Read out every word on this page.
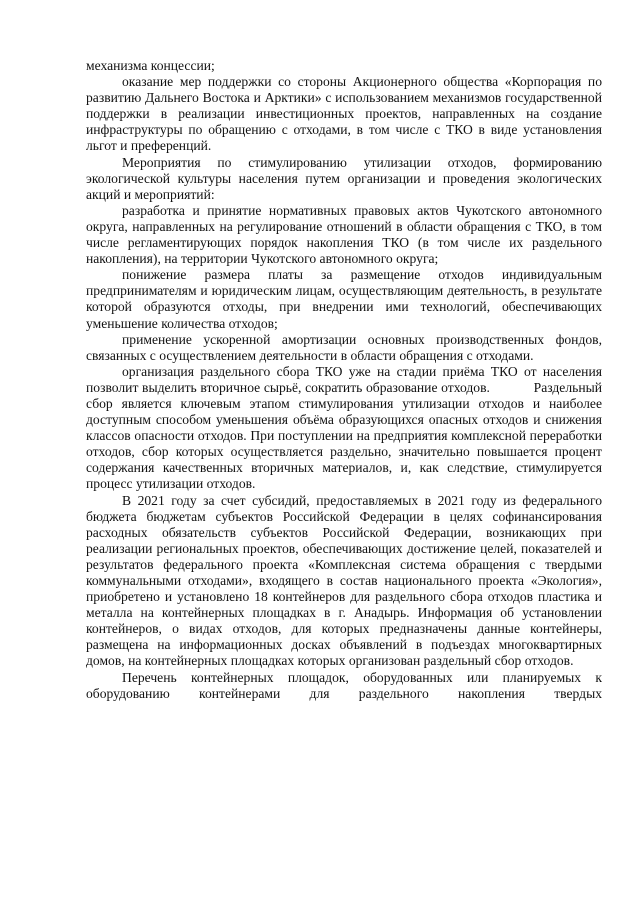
механизма концессии;

оказание мер поддержки со стороны Акционерного общества «Корпорация по развитию Дальнего Востока и Арктики» с использованием механизмов государственной поддержки в реализации инвестиционных проектов, направленных на создание инфраструктуры по обращению с отходами, в том числе с ТКО в виде установления льгот и преференций.

Мероприятия по стимулированию утилизации отходов, формированию экологической культуры населения путем организации и проведения экологических акций и мероприятий:

разработка и принятие нормативных правовых актов Чукотского автономного округа, направленных на регулирование отношений в области обращения с ТКО, в том числе регламентирующих порядок накопления ТКО (в том числе их раздельного накопления), на территории Чукотского автономного округа;

понижение размера платы за размещение отходов индивидуальным предпринимателям и юридическим лицам, осуществляющим деятельность, в результате которой образуются отходы, при внедрении ими технологий, обеспечивающих уменьшение количества отходов;

применение ускоренной амортизации основных производственных фондов, связанных с осуществлением деятельности в области обращения с отходами.

организация раздельного сбора ТКО уже на стадии приёма ТКО от населения позволит выделить вторичное сырьё, сократить образование отходов.            Раздельный сбор является ключевым этапом стимулирования утилизации отходов и наиболее доступным способом уменьшения объёма образующихся опасных отходов и снижения классов опасности отходов. При поступлении на предприятия комплексной переработки отходов, сбор которых осуществляется раздельно, значительно повышается процент содержания качественных вторичных материалов, и, как следствие, стимулируется процесс утилизации отходов.

В 2021 году за счет субсидий, предоставляемых в 2021 году из федерального бюджета бюджетам субъектов Российской Федерации в целях софинансирования расходных обязательств субъектов Российской Федерации, возникающих при реализации региональных проектов, обеспечивающих достижение целей, показателей и результатов федерального проекта «Комплексная система обращения с твердыми коммунальными отходами», входящего в состав национального проекта «Экология», приобретено и установлено 18 контейнеров для раздельного сбора отходов пластика и металла на контейнерных площадках в г. Анадырь. Информация об установлении контейнеров, о видах отходов, для которых предназначены данные контейнеры, размещена на информационных досках объявлений в подъездах многоквартирных домов, на контейнерных площадках которых организован раздельный сбор отходов.

Перечень контейнерных площадок, оборудованных или планируемых к оборудованию контейнерами для раздельного накопления твердых
